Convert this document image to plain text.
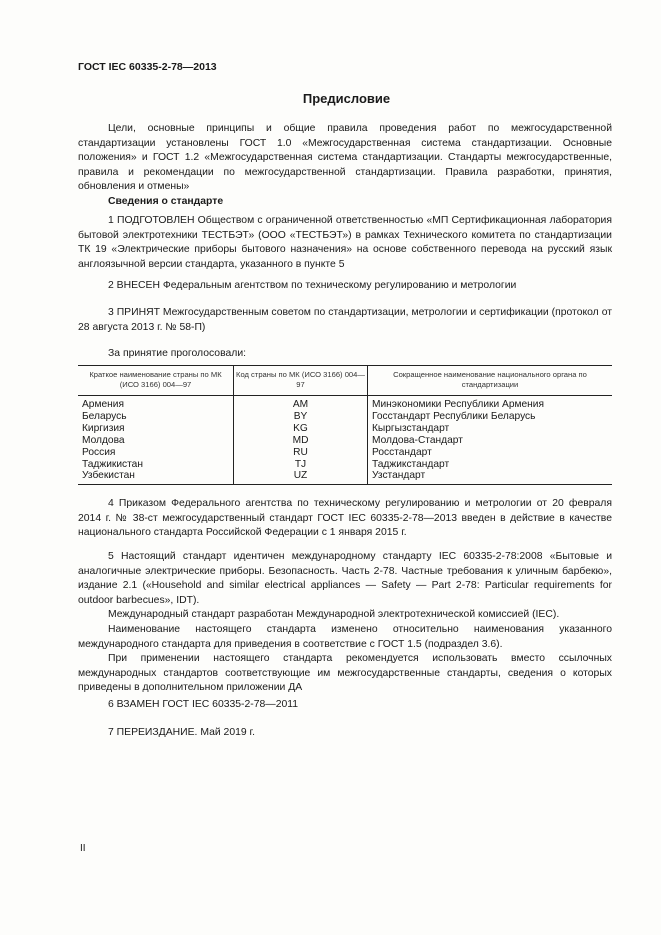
ГОСТ IEC 60335-2-78—2013
Предисловие

Цели, основные принципы и общие правила проведения работ по межгосударственной стандартизации установлены ГОСТ 1.0 «Межгосударственная система стандартизации. Основные положения» и ГОСТ 1.2 «Межгосударственная система стандартизации. Стандарты межгосударственные, правила и рекомендации по межгосударственной стандартизации. Правила разработки, принятия, обновления и отмены»

Сведения о стандарте

1 ПОДГОТОВЛЕН Обществом с ограниченной ответственностью «МП Сертификационная лаборатория бытовой электротехники ТЕСТБЭТ» (ООО «ТЕСТБЭТ») в рамках Технического комитета по стандартизации ТК 19 «Электрические приборы бытового назначения» на основе собственного перевода на русский язык англоязычной версии стандарта, указанного в пункте 5

2 ВНЕСЕН Федеральным агентством по техническому регулированию и метрологии

3 ПРИНЯТ Межгосударственным советом по стандартизации, метрологии и сертификации (протокол от 28 августа 2013 г. № 58-П)

За принятие проголосовали:

Краткое наименование страны по МК (ИСО 3166) 004—97	Код страны по МК (ИСО 3166) 004—97	Сокращенное наименование национального органа по стандартизации
Армения	AM	Минэкономики Республики Армения
Беларусь	BY	Госстандарт Республики Беларусь
Киргизия	KG	Кыргызстандарт
Молдова	MD	Молдова-Стандарт
Россия	RU	Росстандарт
Таджикистан	TJ	Таджикстандарт
Узбекистан	UZ	Узстандарт

4 Приказом Федерального агентства по техническому регулированию и метрологии от 20 февраля 2014 г. № 38-ст межгосударственный стандарт ГОСТ IEC 60335-2-78—2013 введен в действие в качестве национального стандарта Российской Федерации с 1 января 2015 г.

5 Настоящий стандарт идентичен международному стандарту IEC 60335-2-78:2008 «Бытовые и аналогичные электрические приборы. Безопасность. Часть 2-78. Частные требования к уличным барбекю», издание 2.1 («Household and similar electrical appliances — Safety — Part 2-78: Particular requirements for outdoor barbecues», IDT).

Международный стандарт разработан Международной электротехнической комиссией (IEC).

Наименование настоящего стандарта изменено относительно наименования указанного международного стандарта для приведения в соответствие с ГОСТ 1.5 (подраздел 3.6).

При применении настоящего стандарта рекомендуется использовать вместо ссылочных международных стандартов соответствующие им межгосударственные стандарты, сведения о которых приведены в дополнительном приложении ДА

6 ВЗАМЕН ГОСТ IEC 60335-2-78—2011

7 ПЕРЕИЗДАНИЕ. Май 2019 г.

II
